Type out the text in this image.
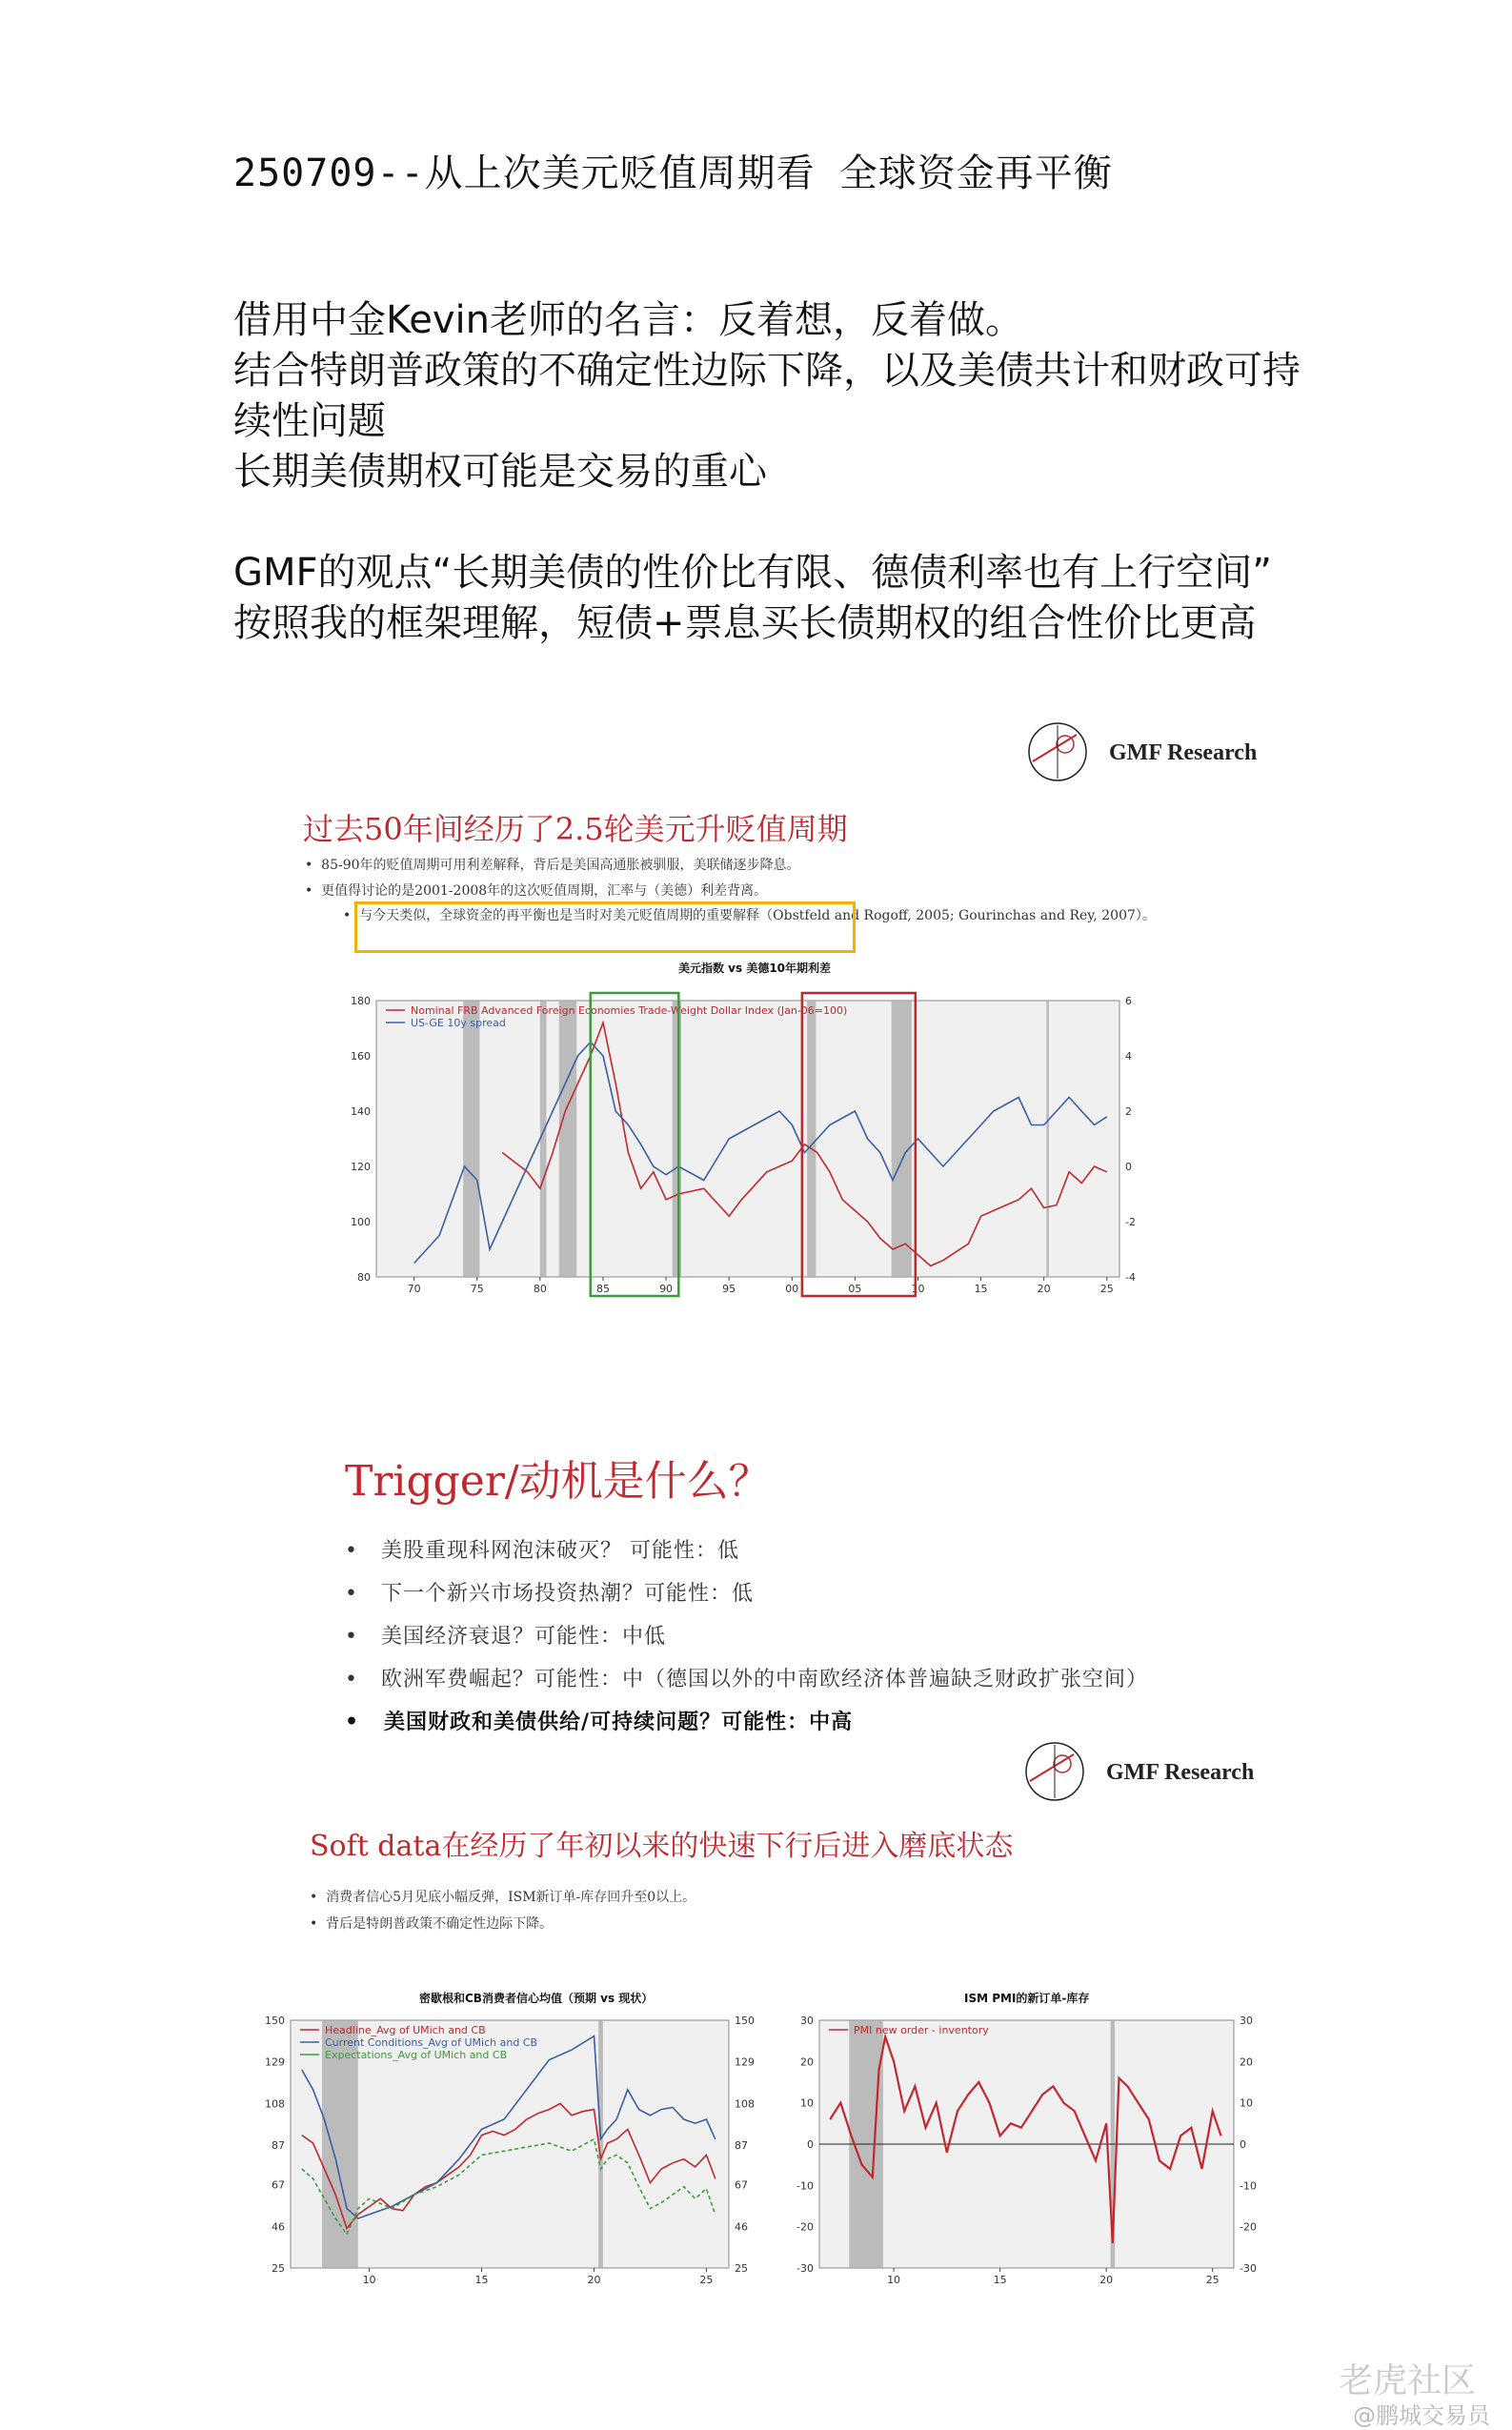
250709--从上次美元贬值周期看 全球资金再平衡
借用中金Kevin老师的名言：反着想，反着做。
结合特朗普政策的不确定性边际下降，以及美债共计和财政可持
续性问题
长期美债期权可能是交易的重心
GMF的观点“长期美债的性价比有限、德债利率也有上行空间”
按照我的框架理解，短债+票息买长债期权的组合性价比更高
GMF Research
过去50年间经历了2.5轮美元升贬值周期
•  85-90年的贬值周期可用利差解释，背后是美国高通胀被驯服，美联储逐步降息。
•  更值得讨论的是2001-2008年的这次贬值周期，汇率与（美德）利差背离。
•  与今天类似，全球资金的再平衡也是当时对美元贬值周期的重要解释（Obstfeld and Rogoff, 2005; Gourinchas and Rey, 2007）。
美元指数 vs 美德10年期利差
80
100
120
140
160
180
-4
-2
0
2
4
6
70	75	80	85	90	95	00	05	10	15	20	25
Nominal FRB Advanced Foreign Economies Trade-Weight Dollar Index (Jan-06=100)
US-GE 10y spread
Trigger/动机是什么？
•   美股重现科网泡沫破灭？ 可能性：低
•   下一个新兴市场投资热潮？可能性：低
•   美国经济衰退？可能性：中低
•   欧洲军费崛起？可能性：中（德国以外的中南欧经济体普遍缺乏财政扩张空间）
•   美国财政和美债供给/可持续问题？可能性：中高
GMF Research
Soft data在经历了年初以来的快速下行后进入磨底状态
•  消费者信心5月见底小幅反弹，ISM新订单-库存回升至0以上。
•  背后是特朗普政策不确定性边际下降。
密歇根和CB消费者信心均值（预期 vs 现状）
25
46
67
87
108
129
150
25
46
67
87
108
129
150
10	15	20	25
Headline_Avg of UMich and CB
Current Conditions_Avg of UMich and CB
Expectations_Avg of UMich and CB
ISM PMI的新订单-库存
-30
-20
-10
0
10
20
30
-30
-20
-10
0
10
20
30
10	15	20	25
PMI new order - inventory
老虎社区
@鹏城交易员
